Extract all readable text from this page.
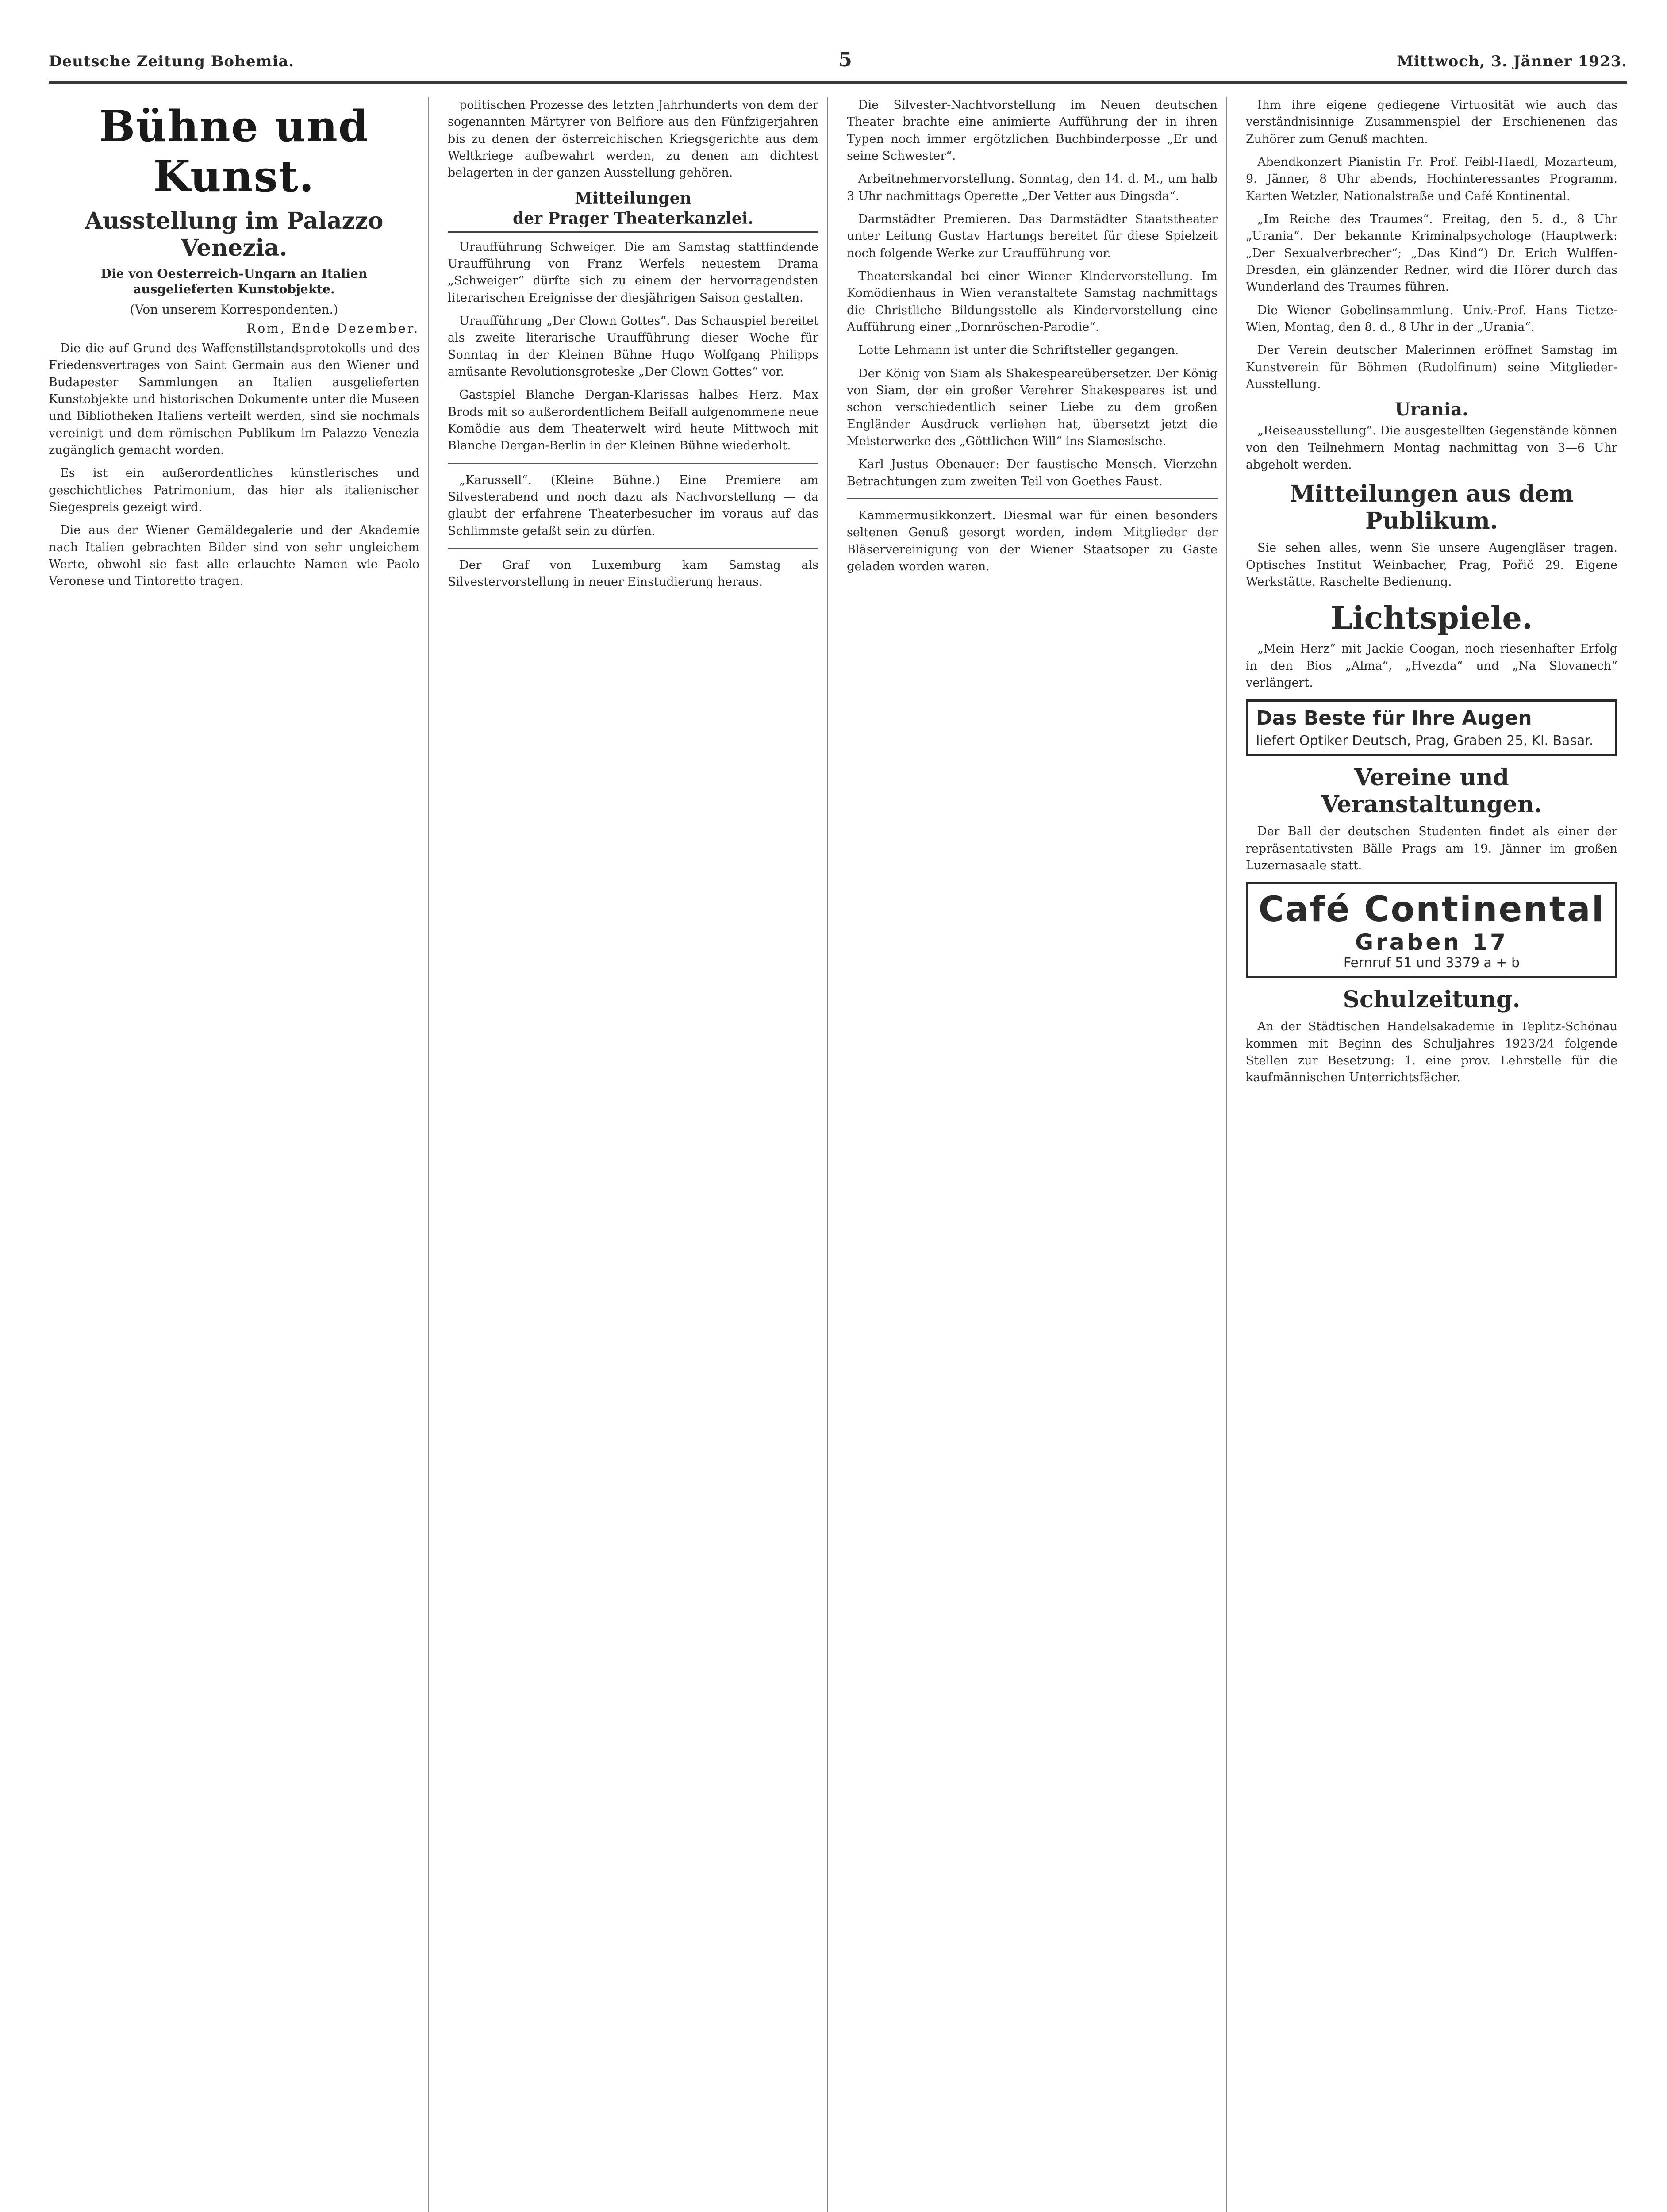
Deutsche Zeitung Bohemia.	5	Mittwoch, 3. Jänner 1923.
Bühne und Kunst.
Ausstellung im Palazzo Venezia.
Die von Oesterreich-Ungarn an Italien ausgelieferten Kunstobjekte.
(Von unserem Korrespondenten.)
Rom, Ende Dezember.

Die die auf Grund des Waffenstillstandsprotokolls und des Friedensvertrages von Saint Germain aus den Wiener und Budapester Sammlungen an Italien ausgelieferten Kunstobjekte und historischen Dokumente unter die Museen und Bibliotheken Italiens verteilt werden, sind sie nochmals vereinigt und dem römischen Publikum im Palazzo Venezia zugänglich gemacht worden.

Es ist ein außerordentliches künstlerisches und geschichtliches Patrimonium, das hier als italienischer Siegespreis gezeigt wird.

Die aus der Wiener Gemäldegalerie und der Akademie nach Italien gebrachten Bilder sind von sehr ungleichem Werte, obwohl sie fast alle erlauchte Namen wie Paolo Veronese und Tintoretto tragen.

politischen Prozesse des letzten Jahrhunderts von dem der sogenannten Märtyrer von Belfiore aus den Fünfzigerjahren bis zu denen der österreichischen Kriegsgerichte aus dem Weltkriege aufbewahrt werden, zu denen am dichtest belagerten in der ganzen Ausstellung gehören.

Mitteilungen
der Prager Theaterkanzlei.

Uraufführung Schweiger. Die am Samstag stattfindende Uraufführung von Franz Werfels neuestem Drama „Schweiger“ dürfte sich zu einem der hervorragendsten literarischen Ereignisse der diesjährigen Saison gestalten.

Uraufführung „Der Clown Gottes“. Das Schauspiel bereitet als zweite literarische Uraufführung dieser Woche für Sonntag in der Kleinen Bühne Hugo Wolfgang Philipps amüsante Revolutionsgroteske „Der Clown Gottes“ vor.

Gastspiel Blanche Dergan-Klarissas halbes Herz. Max Brods mit so außerordentlichem Beifall aufgenommene neue Komödie aus dem Theaterwelt wird heute Mittwoch mit Blanche Dergan-Berlin in der Kleinen Bühne wiederholt.

„Karussell“. (Kleine Bühne.) Eine Premiere am Silvesterabend und noch dazu als Nachvorstellung — da glaubt der erfahrene Theaterbesucher im voraus auf das Schlimmste gefaßt sein zu dürfen.

Der Graf von Luxemburg kam Samstag als Silvestervorstellung in neuer Einstudierung heraus.

Die Silvester-Nachtvorstellung im Neuen deutschen Theater brachte eine animierte Aufführung der in ihren Typen noch immer ergötzlichen Buchbinderposse „Er und seine Schwester“.

Arbeitnehmervorstellung. Sonntag, den 14. d. M., um halb 3 Uhr nachmittags Operette „Der Vetter aus Dingsda“.

Darmstädter Premieren. Das Darmstädter Staatstheater unter Leitung Gustav Hartungs bereitet für diese Spielzeit noch folgende Werke zur Uraufführung vor.

Theaterskandal bei einer Wiener Kindervorstellung. Im Komödienhaus in Wien veranstaltete Samstag nachmittags die Christliche Bildungsstelle als Kindervorstellung eine Aufführung einer „Dornröschen-Parodie“.

Lotte Lehmann ist unter die Schriftsteller gegangen.

Der König von Siam als Shakespeareübersetzer. Der König von Siam, der ein großer Verehrer Shakespeares ist und schon verschiedentlich seiner Liebe zu dem großen Engländer Ausdruck verliehen hat, übersetzt jetzt die Meisterwerke des „Göttlichen Will“ ins Siamesische.

Karl Justus Obenauer: Der faustische Mensch. Vierzehn Betrachtungen zum zweiten Teil von Goethes Faust.

Kammermusikkonzert. Diesmal war für einen besonders seltenen Genuß gesorgt worden, indem Mitglieder der Bläservereinigung von der Wiener Staatsoper zu Gaste geladen worden waren.

Ihm ihre eigene gediegene Virtuosität wie auch das verständnisinnige Zusammenspiel der Erschienenen das Zuhörer zum Genuß machten.

Abendkonzert Pianistin Fr. Prof. Feibl-Haedl, Mozarteum, 9. Jänner, 8 Uhr abends, Hochinteressantes Programm. Karten Wetzler, Nationalstraße und Café Kontinental.

„Im Reiche des Traumes“. Freitag, den 5. d., 8 Uhr „Urania“. Der bekannte Kriminalpsychologe (Hauptwerk: „Der Sexualverbrecher“; „Das Kind“) Dr. Erich Wulffen-Dresden, ein glänzender Redner, wird die Hörer durch das Wunderland des Traumes führen.

Die Wiener Gobelinsammlung. Univ.-Prof. Hans Tietze-Wien, Montag, den 8. d., 8 Uhr in der „Urania“.

Der Verein deutscher Malerinnen eröffnet Samstag im Kunstverein für Böhmen (Rudolfinum) seine Mitglieder-Ausstellung.

Urania.

„Reiseausstellung“. Die ausgestellten Gegenstände können von den Teilnehmern Montag nachmittag von 3—6 Uhr abgeholt werden.

Mitteilungen aus dem Publikum.

Sie sehen alles, wenn Sie unsere Augengläser tragen. Optisches Institut Weinbacher, Prag, Pořič 29. Eigene Werkstätte. Raschelte Bedienung.

Lichtspiele.

„Mein Herz“ mit Jackie Coogan, noch riesenhafter Erfolg in den Bios „Alma“, „Hvezda“ und „Na Slovanech“ verlängert.

Das Beste für Ihre Augen
liefert Optiker Deutsch, Prag, Graben 25, Kl. Basar.
Vereine und Veranstaltungen.

Der Ball der deutschen Studenten findet als einer der repräsentativsten Bälle Prags am 19. Jänner im großen Luzernasaale statt.

Café Continental
Graben 17
Fernruf 51 und 3379 a + b
Schulzeitung.

An der Städtischen Handelsakademie in Teplitz-Schönau kommen mit Beginn des Schuljahres 1923/24 folgende Stellen zur Besetzung: 1. eine prov. Lehrstelle für die kaufmännischen Unterrichtsfächer.
